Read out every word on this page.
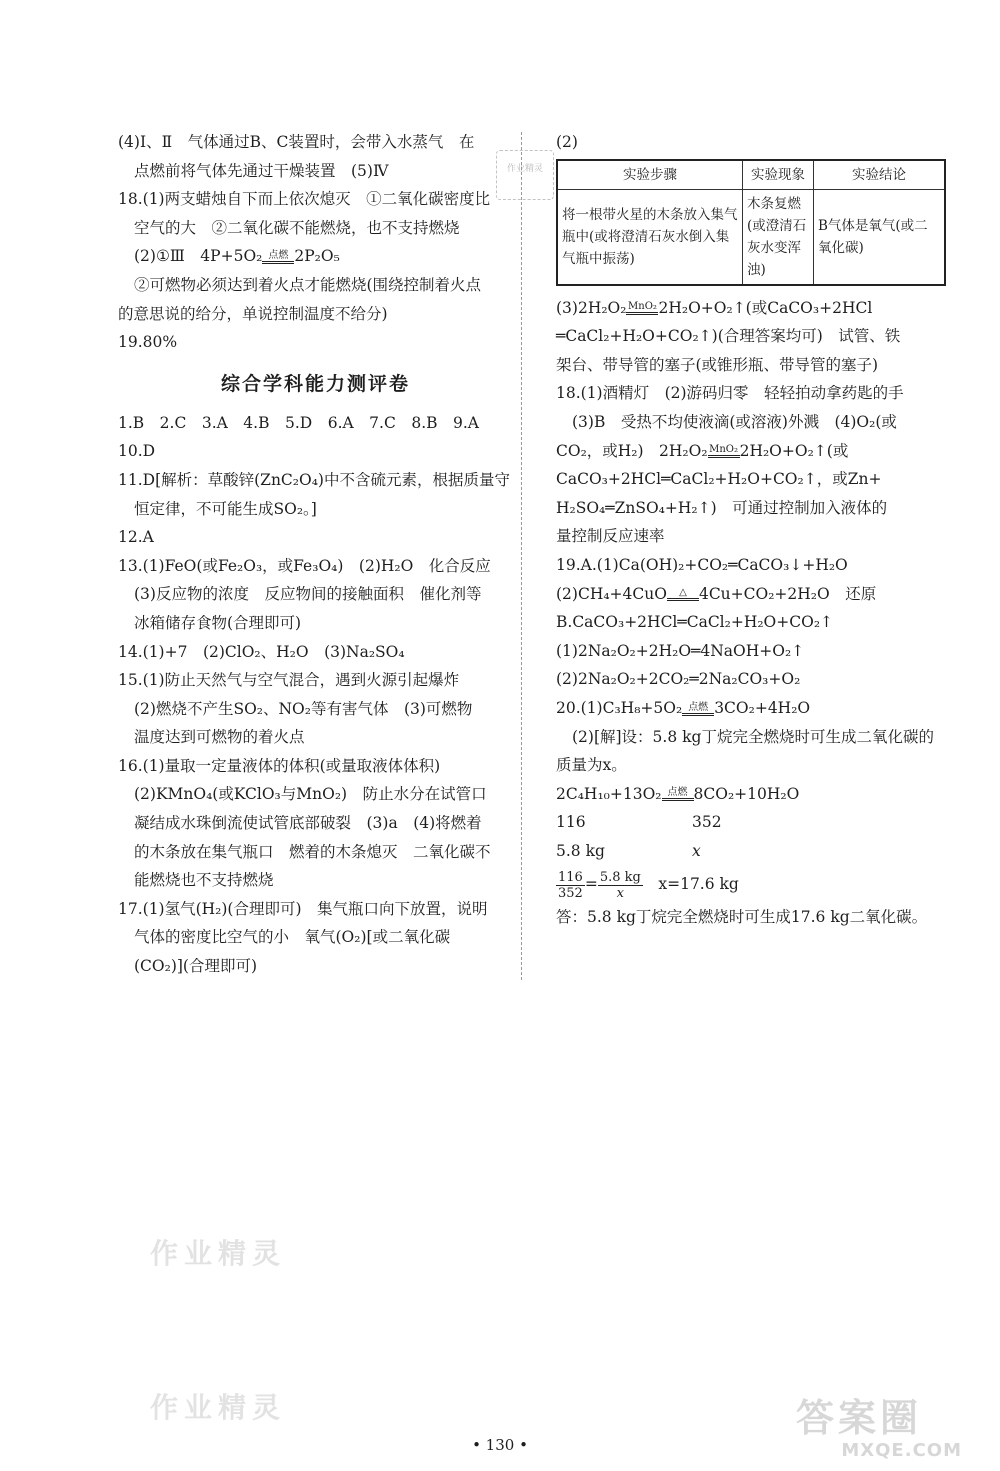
(4)Ⅰ、Ⅱ　气体通过B、C装置时，会带入水蒸气　在
点燃前将气体先通过干燥装置　(5)Ⅳ
18.(1)两支蜡烛自下而上依次熄灭　①二氧化碳密度比
空气的大　②二氧化碳不能燃烧，也不支持燃烧
(2)①Ⅲ　4P+5O₂ 点燃 2P₂O₅
②可燃物必须达到着火点才能燃烧(围绕控制着火点
的意思说的给分，单说控制温度不给分)
19.80%
综合学科能力测评卷
1.B　2.C　3.A　4.B　5.D　6.A　7.C　8.B　9.A
10.D
11.D[解析：草酸锌(ZnC₂O₄)中不含硫元素，根据质量守
恒定律，不可能生成SO₂。]
12.A
13.(1)FeO(或Fe₂O₃，或Fe₃O₄)　(2)H₂O　化合反应
(3)反应物的浓度　反应物间的接触面积　催化剂等
冰箱储存食物(合理即可)
14.(1)+7　(2)ClO₂、H₂O　(3)Na₂SO₄
15.(1)防止天然气与空气混合，遇到火源引起爆炸
(2)燃烧不产生SO₂、NO₂等有害气体　(3)可燃物
温度达到可燃物的着火点
16.(1)量取一定量液体的体积(或量取液体体积)
(2)KMnO₄(或KClO₃与MnO₂)　防止水分在试管口
凝结成水珠倒流使试管底部破裂　(3)a　(4)将燃着
的木条放在集气瓶口　燃着的木条熄灭　二氧化碳不
能燃烧也不支持燃烧
17.(1)氢气(H₂)(合理即可)　集气瓶口向下放置，说明
气体的密度比空气的小　氧气(O₂)[或二氧化碳
(CO₂)](合理即可)
作业精灵
(2)
实验步骤	实验现象	实验结论
将一根带火星的木条放入集气瓶中(或将澄清石灰水倒入集气瓶中振荡)	木条复燃(或澄清石灰水变浑浊)	B气体是氧气(或二氧化碳)
(3)2H₂O₂ MnO₂ 2H₂O+O₂↑(或CaCO₃+2HCl
═CaCl₂+H₂O+CO₂↑)(合理答案均可)　试管、铁
架台、带导管的塞子(或锥形瓶、带导管的塞子)
18.(1)酒精灯　(2)游码归零　轻轻拍动拿药匙的手
(3)B　受热不均使液滴(或溶液)外溅　(4)O₂(或
CO₂，或H₂)　2H₂O₂ MnO₂ 2H₂O+O₂↑(或
CaCO₃+2HCl═CaCl₂+H₂O+CO₂↑，或Zn+
H₂SO₄═ZnSO₄+H₂↑)　可通过控制加入液体的
量控制反应速率
19.A.(1)Ca(OH)₂+CO₂═CaCO₃↓+H₂O
(2)CH₄+4CuO	△ 4Cu+CO₂+2H₂O　还原
B.CaCO₃+2HCl═CaCl₂+H₂O+CO₂↑
(1)2Na₂O₂+2H₂O═4NaOH+O₂↑
(2)2Na₂O₂+2CO₂═2Na₂CO₃+O₂
20.(1)C₃H₈+5O₂ 点燃 3CO₂+4H₂O
(2)[解]设：5.8 kg丁烷完全燃烧时可生成二氧化碳的
质量为x。
2C₄H₁₀+13O₂ 点燃 8CO₂+10H₂O
116	352
5.8 kg	x
$\frac{116}{352} = \frac{5.8 kg}{x}$
　 x=17.6 kg
答：5.8 kg丁烷完全燃烧时可生成17.6 kg二氧化碳。
作业精灵
作业精灵	答案圈
MXQE.COM
• 130 •
